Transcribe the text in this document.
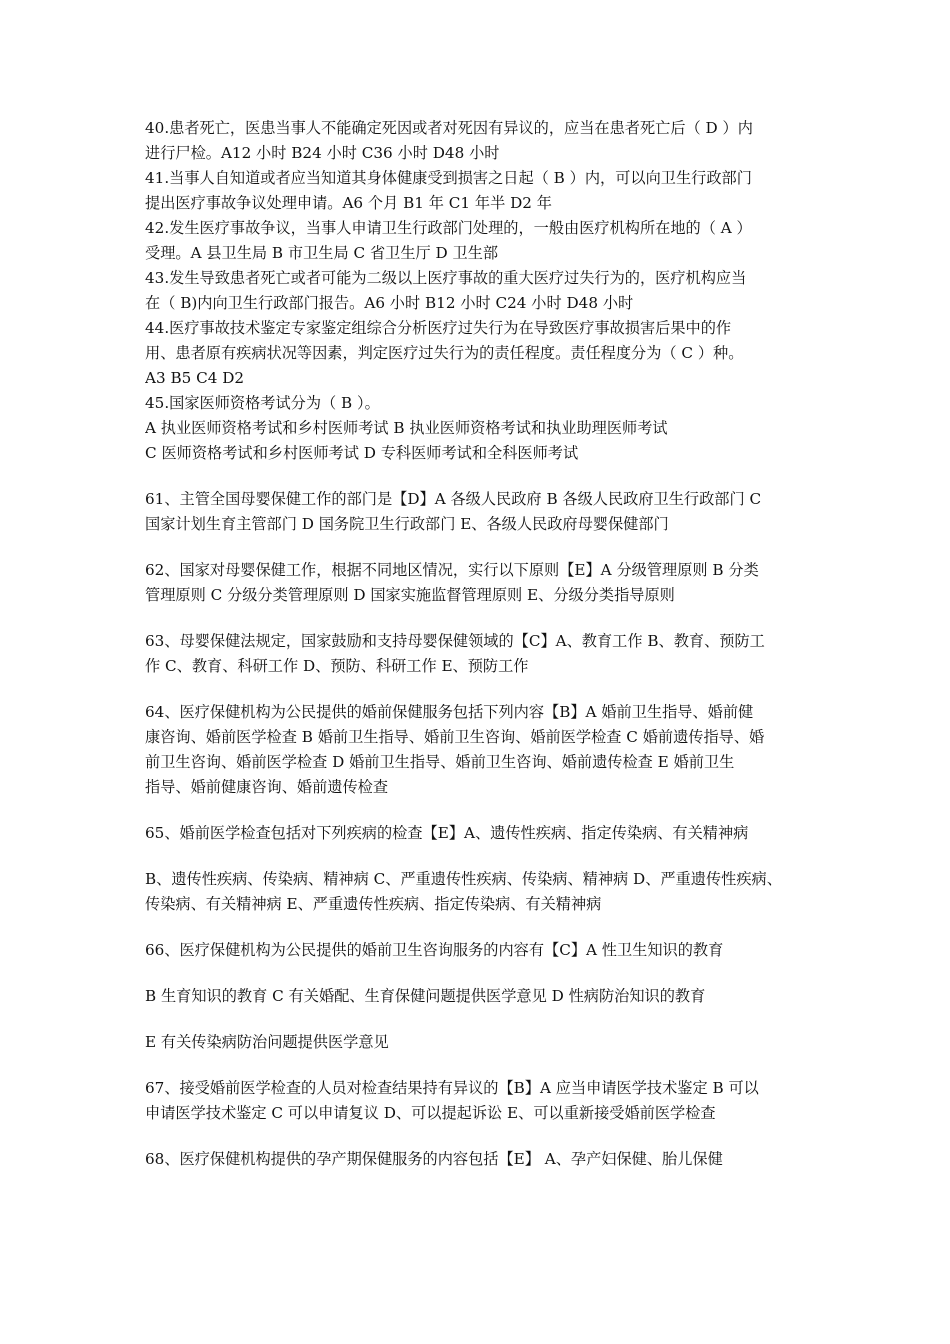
40.患者死亡，医患当事人不能确定死因或者对死因有异议的，应当在患者死亡后（ D ）内
进行尸检。A12 小时 B24 小时 C36 小时 D48 小时
41.当事人自知道或者应当知道其身体健康受到损害之日起（ B ）内，可以向卫生行政部门
提出医疗事故争议处理申请。A6 个月 B1 年 C1 年半 D2 年
42.发生医疗事故争议，当事人申请卫生行政部门处理的，一般由医疗机构所在地的（ A ）
受理。A 县卫生局 B 市卫生局 C 省卫生厅 D 卫生部
43.发生导致患者死亡或者可能为二级以上医疗事故的重大医疗过失行为的，医疗机构应当
在（ B)内向卫生行政部门报告。A6 小时 B12 小时 C24 小时 D48 小时
44.医疗事故技术鉴定专家鉴定组综合分析医疗过失行为在导致医疗事故损害后果中的作
用、患者原有疾病状况等因素，判定医疗过失行为的责任程度。责任程度分为（ C ）种。
A3 B5 C4 D2
45.国家医师资格考试分为（ B ）。
A 执业医师资格考试和乡村医师考试 B 执业医师资格考试和执业助理医师考试
C 医师资格考试和乡村医师考试 D 专科医师考试和全科医师考试
61、主管全国母婴保健工作的部门是【D】A 各级人民政府 B 各级人民政府卫生行政部门 C
国家计划生育主管部门 D 国务院卫生行政部门 E、各级人民政府母婴保健部门
62、国家对母婴保健工作，根据不同地区情况，实行以下原则【E】A 分级管理原则 B 分类
管理原则 C 分级分类管理原则 D 国家实施监督管理原则 E、分级分类指导原则
63、母婴保健法规定，国家鼓励和支持母婴保健领域的【C】A、教育工作 B、教育、预防工
作 C、教育、科研工作 D、预防、科研工作 E、预防工作
64、医疗保健机构为公民提供的婚前保健服务包括下列内容【B】A 婚前卫生指导、婚前健
康咨询、婚前医学检查 B 婚前卫生指导、婚前卫生咨询、婚前医学检查 C 婚前遗传指导、婚
前卫生咨询、婚前医学检查 D 婚前卫生指导、婚前卫生咨询、婚前遗传检查 E 婚前卫生
指导、婚前健康咨询、婚前遗传检查
65、婚前医学检查包括对下列疾病的检查【E】A、遗传性疾病、指定传染病、有关精神病
B、遗传性疾病、传染病、精神病 C、严重遗传性疾病、传染病、精神病 D、严重遗传性疾病、
传染病、有关精神病 E、严重遗传性疾病、指定传染病、有关精神病
66、医疗保健机构为公民提供的婚前卫生咨询服务的内容有【C】A 性卫生知识的教育
B 生育知识的教育 C 有关婚配、生育保健问题提供医学意见 D 性病防治知识的教育
E 有关传染病防治问题提供医学意见
67、接受婚前医学检查的人员对检查结果持有异议的【B】A 应当申请医学技术鉴定 B 可以
申请医学技术鉴定 C 可以申请复议 D、可以提起诉讼 E、可以重新接受婚前医学检查
68、医疗保健机构提供的孕产期保健服务的内容包括【E】 A、孕产妇保健、胎儿保健
